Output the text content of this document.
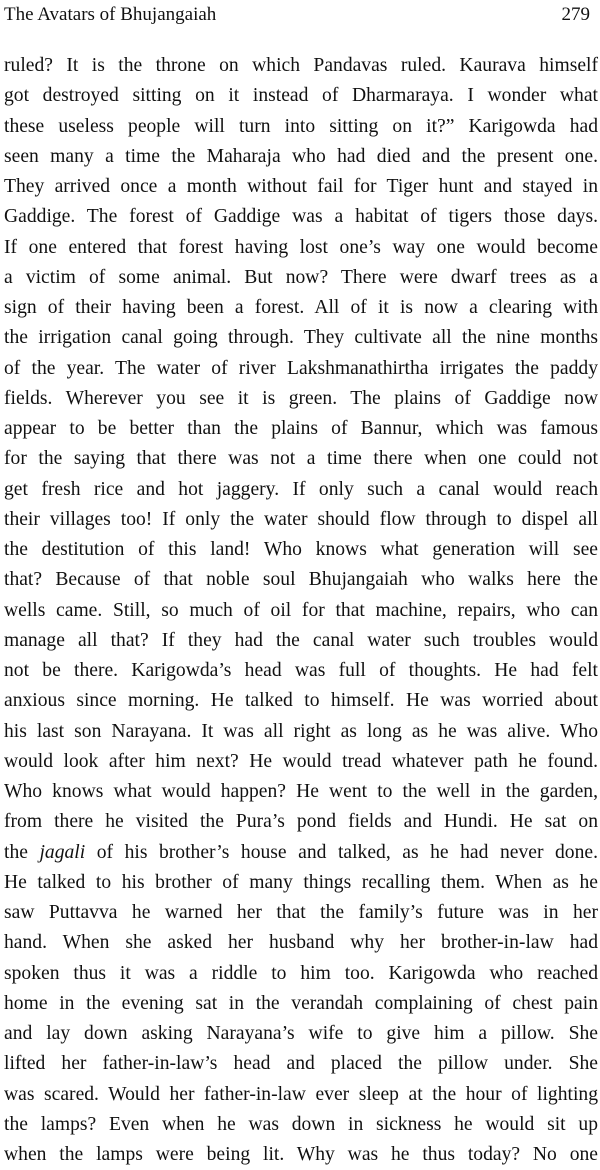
The Avatars of Bhujangaiah	279
ruled? It is the throne on which Pandavas ruled. Kaurava himself
got destroyed sitting on it instead of Dharmaraya. I wonder what
these useless people will turn into sitting on it?” Karigowda had
seen many a time the Maharaja who had died and the present one.
They arrived once a month without fail for Tiger hunt and stayed in
Gaddige. The forest of Gaddige was a habitat of tigers those days.
If one entered that forest having lost one’s way one would become
a victim of some animal. But now? There were dwarf trees as a
sign of their having been a forest. All of it is now a clearing with
the irrigation canal going through. They cultivate all the nine months
of the year. The water of river Lakshmanathirtha irrigates the paddy
fields. Wherever you see it is green. The plains of Gaddige now
appear to be better than the plains of Bannur, which was famous
for the saying that there was not a time there when one could not
get fresh rice and hot jaggery. If only such a canal would reach
their villages too! If only the water should flow through to dispel all
the destitution of this land! Who knows what generation will see
that? Because of that noble soul Bhujangaiah who walks here the
wells came. Still, so much of oil for that machine, repairs, who can
manage all that? If they had the canal water such troubles would
not be there. Karigowda’s head was full of thoughts. He had felt
anxious since morning. He talked to himself. He was worried about
his last son Narayana. It was all right as long as he was alive. Who
would look after him next? He would tread whatever path he found.
Who knows what would happen? He went to the well in the garden,
from there he visited the Pura’s pond fields and Hundi. He sat on
the jagali of his brother’s house and talked, as he had never done.
He talked to his brother of many things recalling them. When as he
saw Puttavva he warned her that the family’s future was in her
hand. When she asked her husband why her brother-in-law had
spoken thus it was a riddle to him too. Karigowda who reached
home in the evening sat in the verandah complaining of chest pain
and lay down asking Narayana’s wife to give him a pillow. She
lifted her father-in-law’s head and placed the pillow under. She
was scared. Would her father-in-law ever sleep at the hour of lighting
the lamps? Even when he was down in sickness he would sit up
when the lamps were being lit. Why was he thus today? No one
